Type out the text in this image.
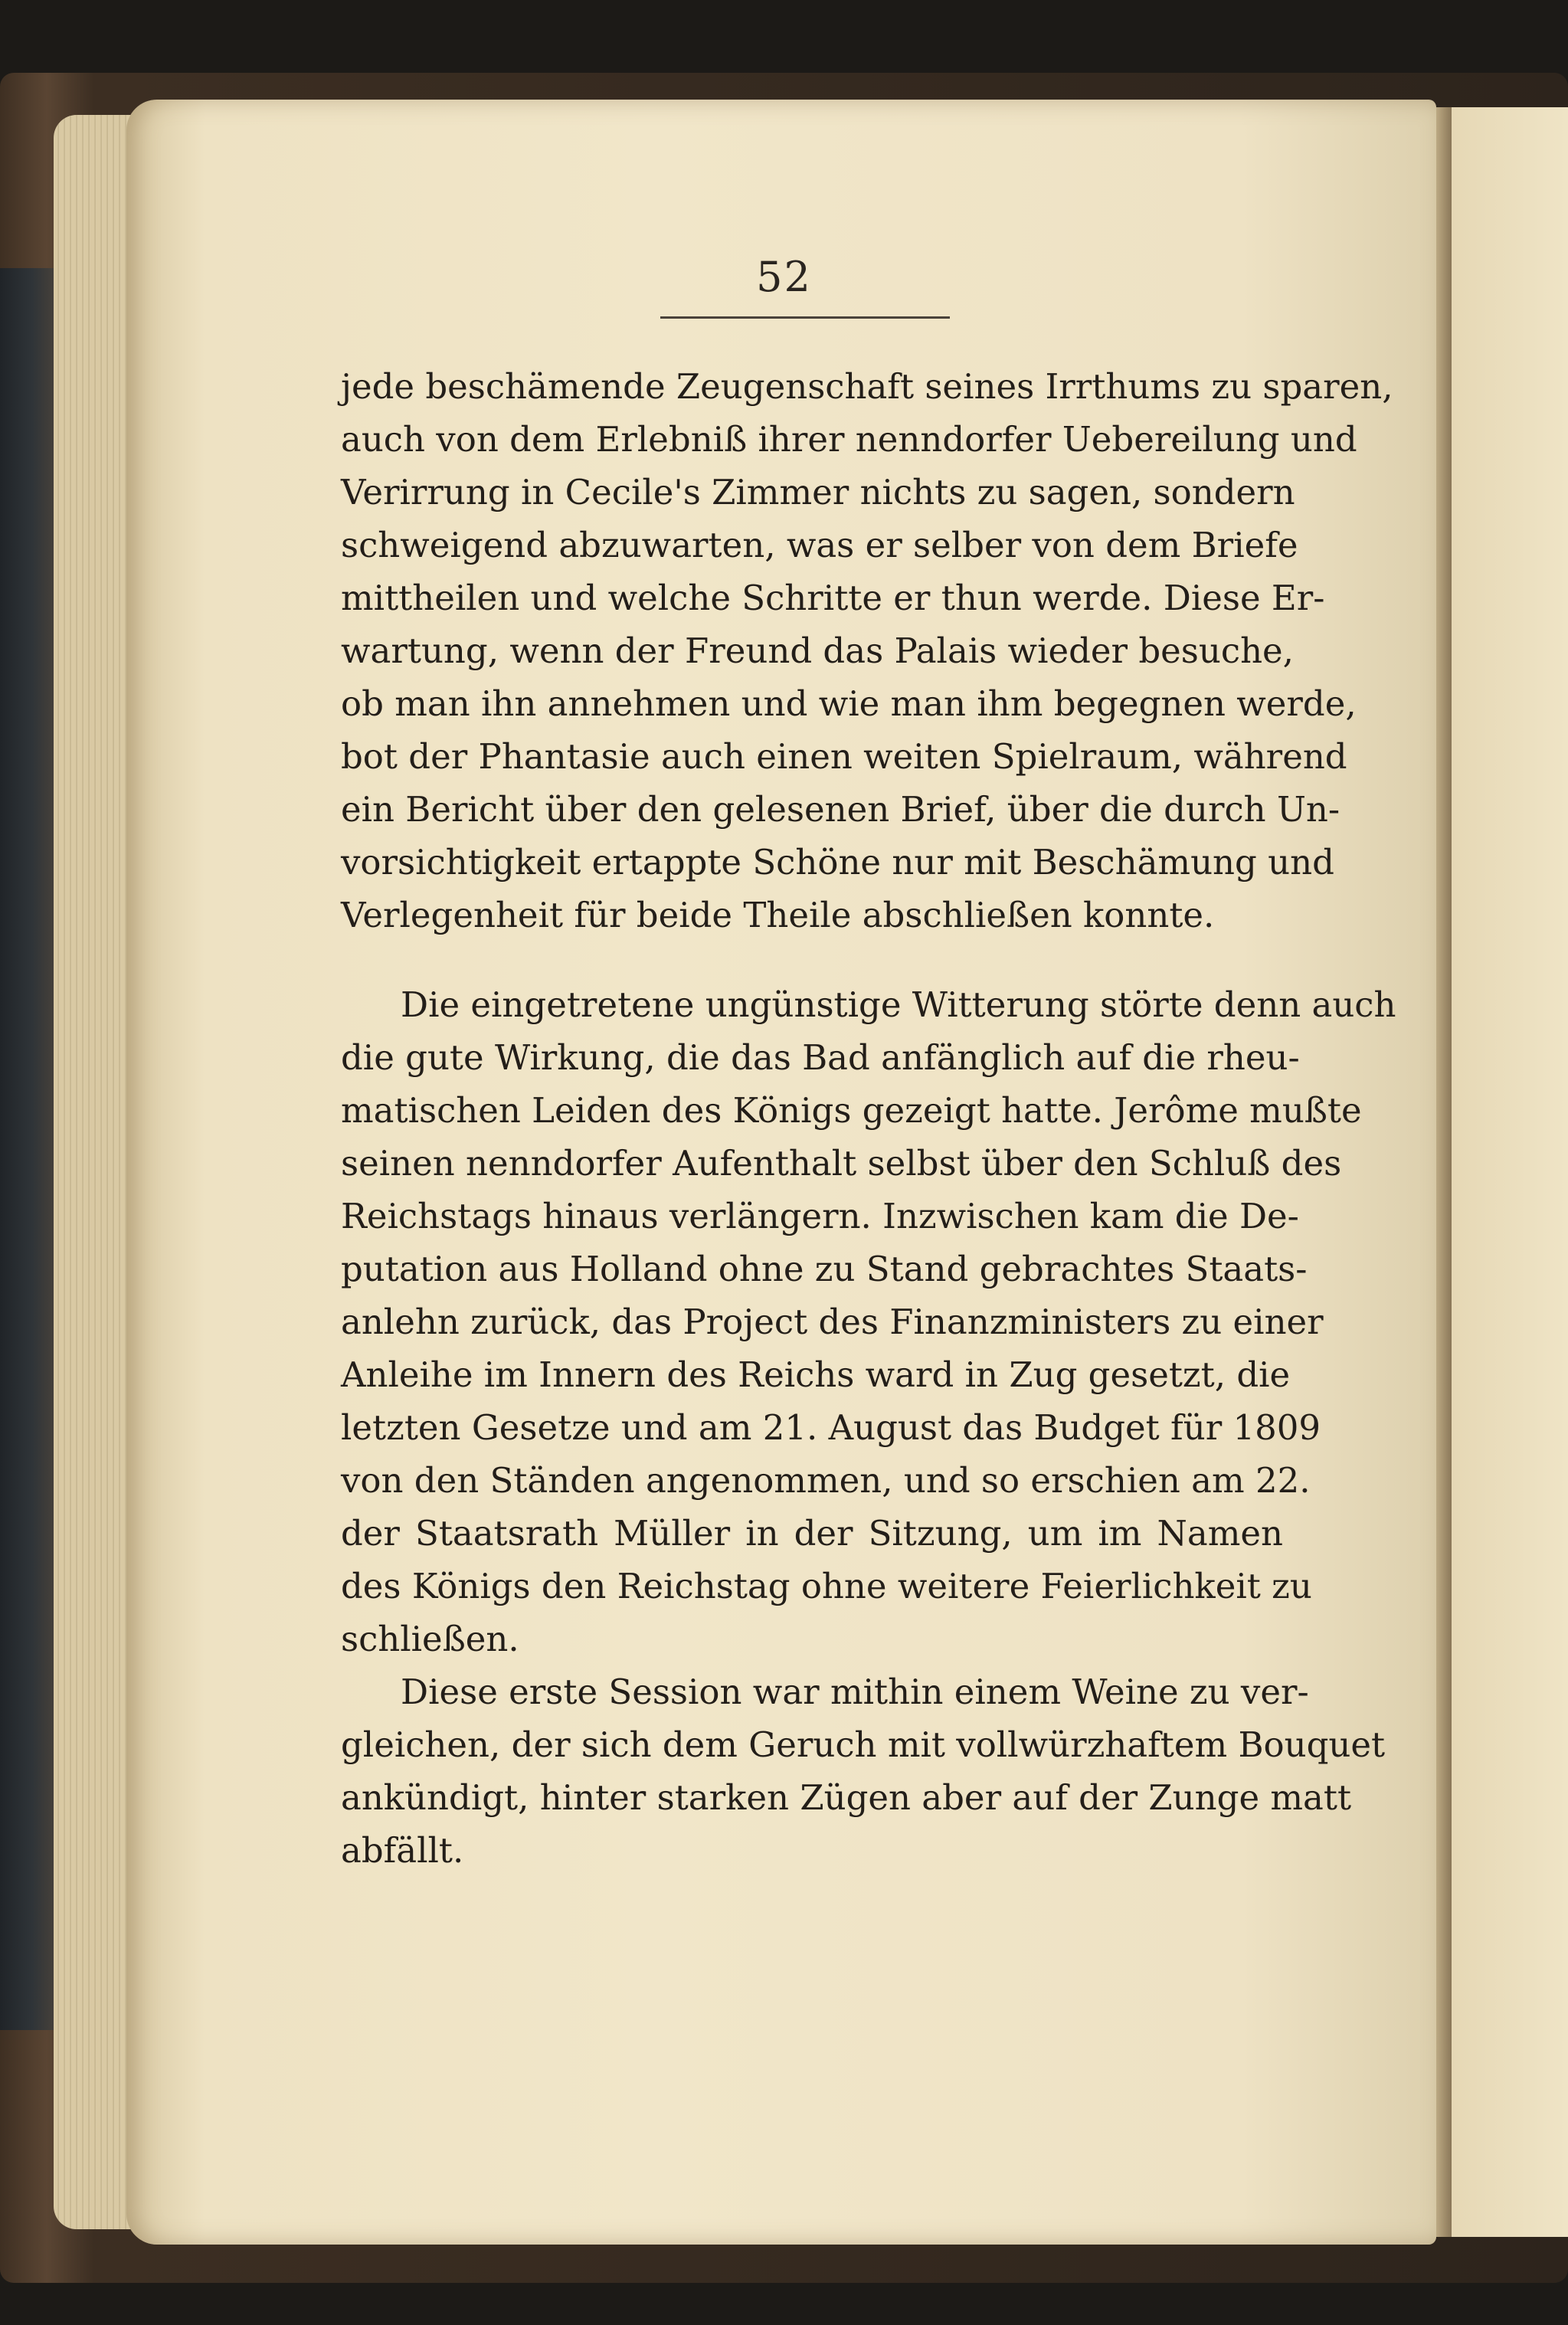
52
jede beschämende Zeugenschaft seines Irrthums zu sparen,
auch von dem Erlebniß ihrer nenndorfer Uebereilung und
Verirrung in Cecile's Zimmer nichts zu sagen, sondern
schweigend abzuwarten, was er selber von dem Briefe
mittheilen und welche Schritte er thun werde. Diese Er-
wartung, wenn der Freund das Palais wieder besuche,
ob man ihn annehmen und wie man ihm begegnen werde,
bot der Phantasie auch einen weiten Spielraum, während
ein Bericht über den gelesenen Brief, über die durch Un-
vorsichtigkeit ertappte Schöne nur mit Beschämung und
Verlegenheit für beide Theile abschließen konnte.
Die eingetretene ungünstige Witterung störte denn auch
die gute Wirkung, die das Bad anfänglich auf die rheu-
matischen Leiden des Königs gezeigt hatte. Jerôme mußte
seinen nenndorfer Aufenthalt selbst über den Schluß des
Reichstags hinaus verlängern. Inzwischen kam die De-
putation aus Holland ohne zu Stand gebrachtes Staats-
anlehn zurück, das Project des Finanzministers zu einer
Anleihe im Innern des Reichs ward in Zug gesetzt, die
letzten Gesetze und am 21. August das Budget für 1809
von den Ständen angenommen, und so erschien am 22.
der Staatsrath Müller in der Sitzung, um im Namen
des Königs den Reichstag ohne weitere Feierlichkeit zu
schließen.
Diese erste Session war mithin einem Weine zu ver-
gleichen, der sich dem Geruch mit vollwürzhaftem Bouquet
ankündigt, hinter starken Zügen aber auf der Zunge matt
abfällt.
